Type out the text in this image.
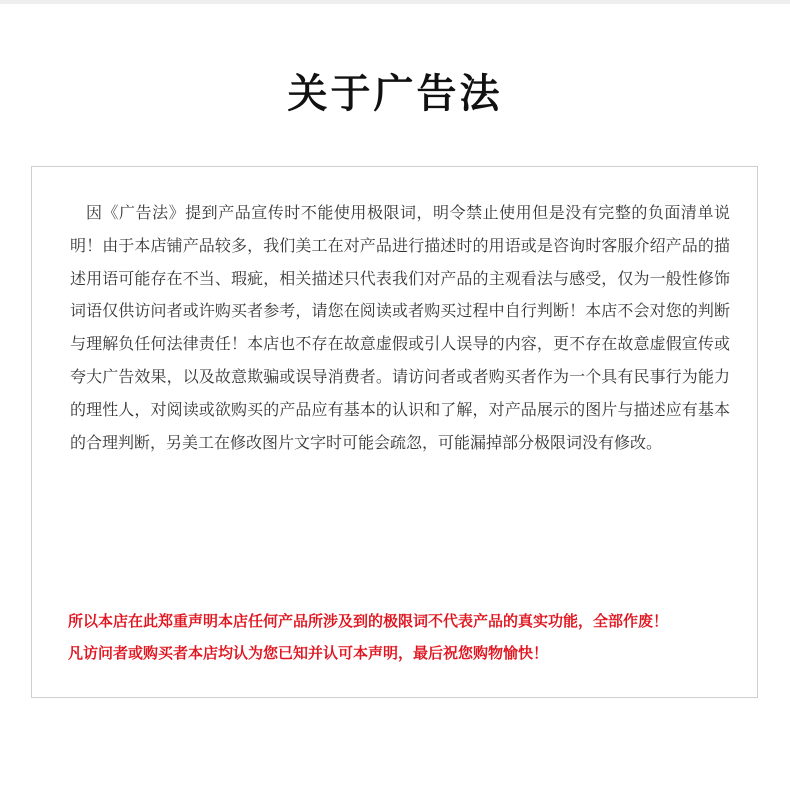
关于广告法
因《广告法》提到产品宣传时不能使用极限词，明令禁止使用但是没有完整的负面清单说明！由于本店铺产品较多，我们美工在对产品进行描述时的用语或是咨询时客服介绍产品的描述用语可能存在不当、瑕疵，相关描述只代表我们对产品的主观看法与感受，仅为一般性修饰词语仅供访问者或许购买者参考，请您在阅读或者购买过程中自行判断！本店不会对您的判断与理解负任何法律责任！本店也不存在故意虚假或引人误导的内容，更不存在故意虚假宣传或夸大广告效果，以及故意欺骗或误导消费者。请访问者或者购买者作为一个具有民事行为能力的理性人，对阅读或欲购买的产品应有基本的认识和了解，对产品展示的图片与描述应有基本的合理判断，另美工在修改图片文字时可能会疏忽，可能漏掉部分极限词没有修改。
所以本店在此郑重声明本店任何产品所涉及到的极限词不代表产品的真实功能，全部作废！
凡访问者或购买者本店均认为您已知并认可本声明，最后祝您购物愉快！
